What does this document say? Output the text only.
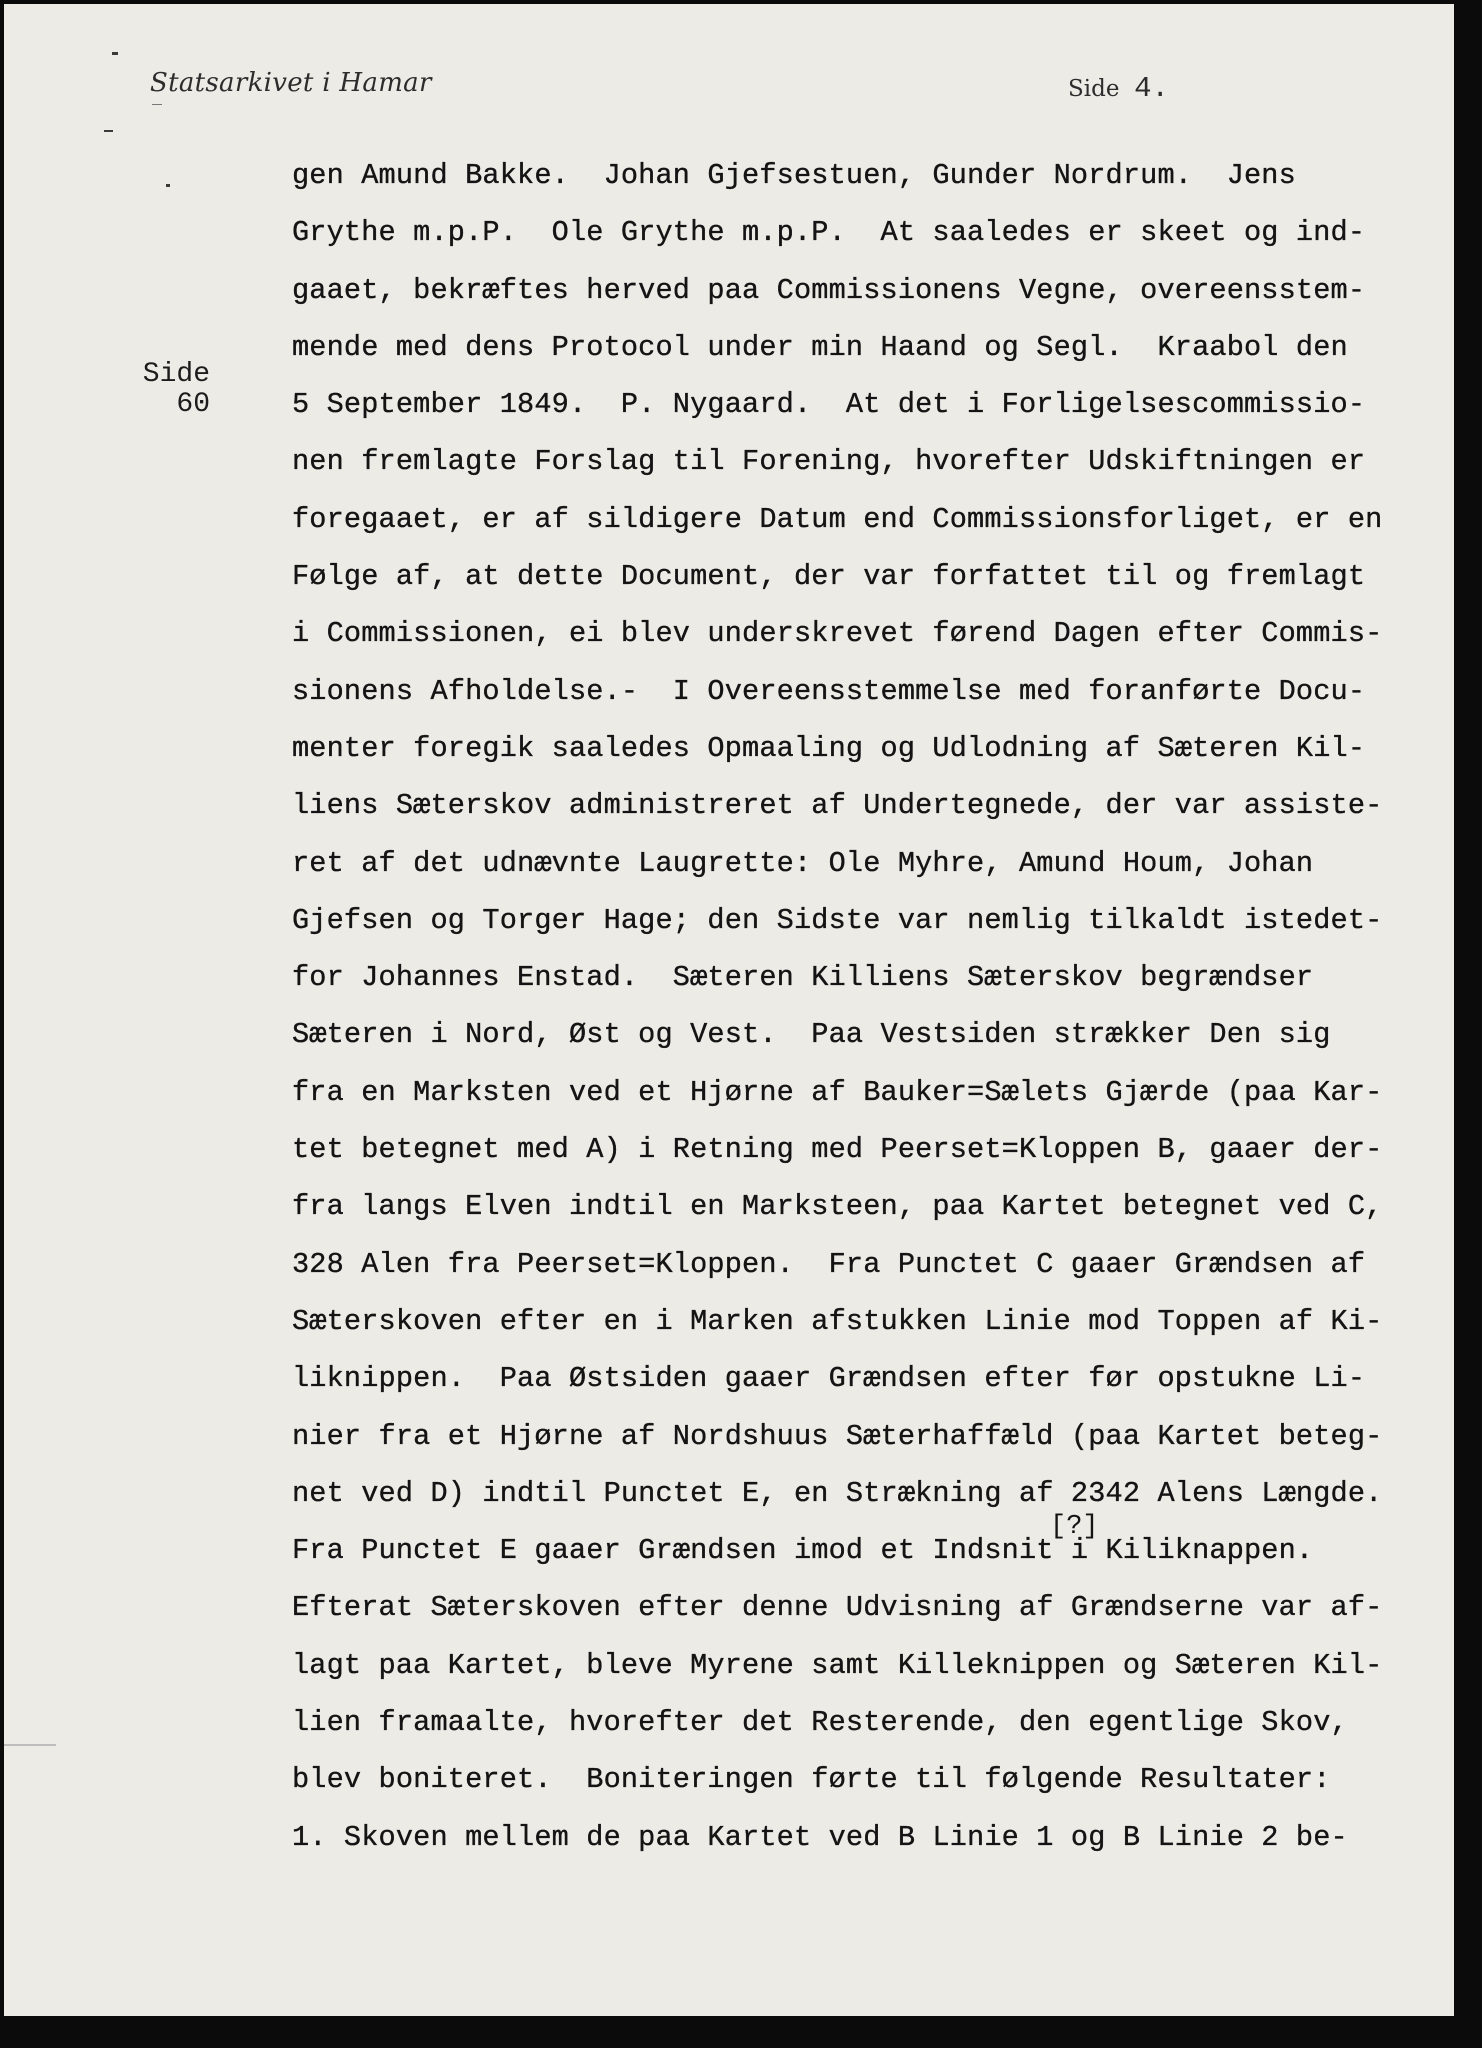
Statsarkivet i Hamar	Side 4.
Side
60
gen Amund Bakke.  Johan Gjefsestuen, Gunder Nordrum.  Jens
Grythe m.p.P.  Ole Grythe m.p.P.  At saaledes er skeet og ind-
gaaet, bekræftes herved paa Commissionens Vegne, overeensstem-
mende med dens Protocol under min Haand og Segl.  Kraabol den
5 September 1849.  P. Nygaard.  At det i Forligelsescommissio-
nen fremlagte Forslag til Forening, hvorefter Udskiftningen er
foregaaet, er af sildigere Datum end Commissionsforliget, er en
Følge af, at dette Document, der var forfattet til og fremlagt
i Commissionen, ei blev underskrevet førend Dagen efter Commis-
sionens Afholdelse.-  I Overeensstemmelse med foranførte Docu-
menter foregik saaledes Opmaaling og Udlodning af Sæteren Kil-
liens Sæterskov administreret af Undertegnede, der var assiste-
ret af det udnævnte Laugrette: Ole Myhre, Amund Houm, Johan
Gjefsen og Torger Hage; den Sidste var nemlig tilkaldt istedet-
for Johannes Enstad.  Sæteren Killiens Sæterskov begrændser
Sæteren i Nord, Øst og Vest.  Paa Vestsiden strækker Den sig
fra en Marksten ved et Hjørne af Bauker=Sælets Gjærde (paa Kar-
tet betegnet med A) i Retning med Peerset=Kloppen B, gaaer der-
fra langs Elven indtil en Marksteen, paa Kartet betegnet ved C,
328 Alen fra Peerset=Kloppen.  Fra Punctet C gaaer Grændsen af
Sæterskoven efter en i Marken afstukken Linie mod Toppen af Ki-
liknippen.  Paa Østsiden gaaer Grændsen efter før opstukne Li-
nier fra et Hjørne af Nordshuus Sæterhaffæld (paa Kartet beteg-
net ved D) indtil Punctet E, en Strækning af 2342 Alens Længde.
Fra Punctet E gaaer Grændsen imod et Indsnit i Kiliknappen.
Efterat Sæterskoven efter denne Udvisning af Grændserne var af-
lagt paa Kartet, bleve Myrene samt Killeknippen og Sæteren Kil-
lien framaalte, hvorefter det Resterende, den egentlige Skov,
blev boniteret.  Boniteringen førte til følgende Resultater:
1. Skoven mellem de paa Kartet ved B Linie 1 og B Linie 2 be-
[?]
